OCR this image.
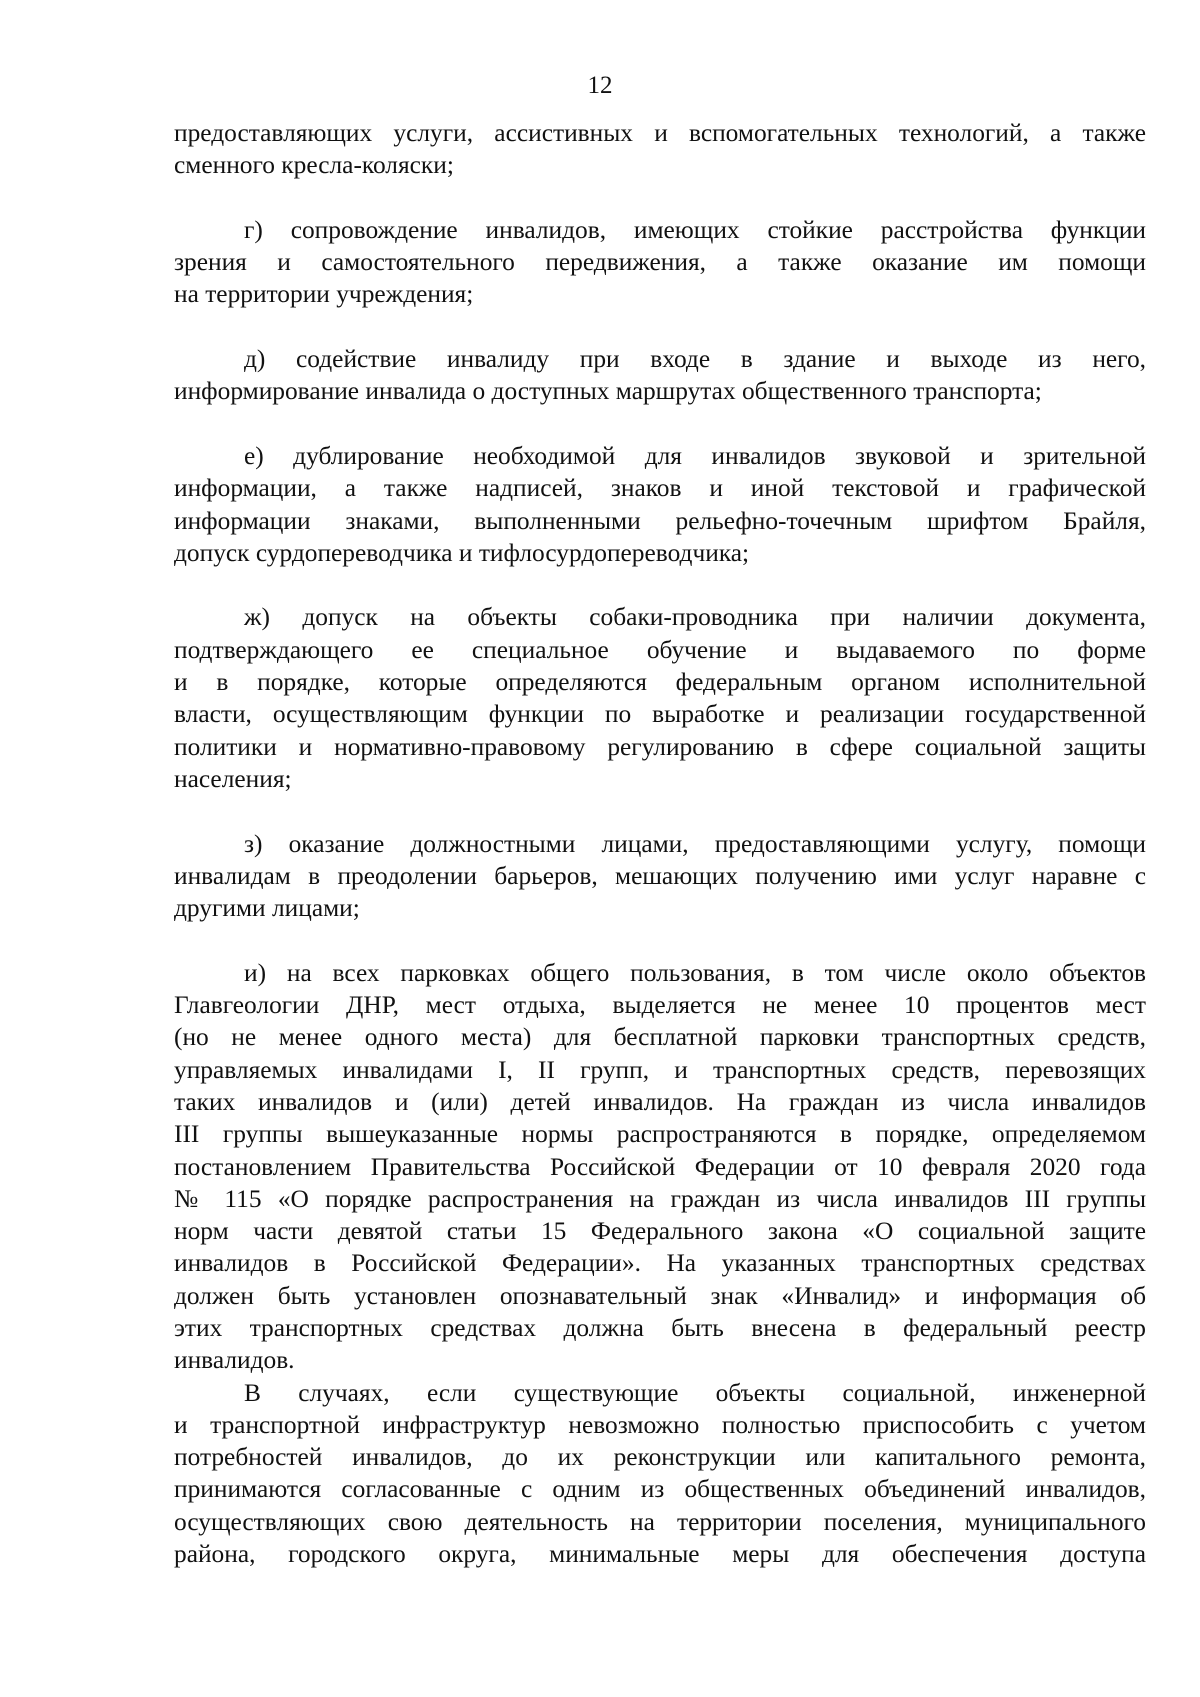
12

предоставляющих услуги, ассистивных и вспомогательных технологий, а также
сменного кресла-коляски;

г) сопровождение инвалидов, имеющих стойкие расстройства функции
зрения и самостоятельного передвижения, а также оказание им помощи
на территории учреждения;

д) содействие инвалиду при входе в здание и выходе из него,
информирование инвалида о доступных маршрутах общественного транспорта;

е) дублирование необходимой для инвалидов звуковой и зрительной
информации, а также надписей, знаков и иной текстовой и графической
информации знаками, выполненными рельефно-точечным шрифтом Брайля,
допуск сурдопереводчика и тифлосурдопереводчика;

ж) допуск на объекты собаки-проводника при наличии документа,
подтверждающего ее специальное обучение и выдаваемого по форме
и в порядке, которые определяются федеральным органом исполнительной
власти, осуществляющим функции по выработке и реализации государственной
политики и нормативно-правовому регулированию в сфере социальной защиты
населения;

з) оказание должностными лицами, предоставляющими услугу, помощи
инвалидам в преодолении барьеров, мешающих получению ими услуг наравне с
другими лицами;

и) на всех парковках общего пользования, в том числе около объектов
Главгеологии ДНР, мест отдыха, выделяется не менее 10 процентов мест
(но не менее одного места) для бесплатной парковки транспортных средств,
управляемых инвалидами I, II групп, и транспортных средств, перевозящих
таких инвалидов и (или) детей инвалидов. На граждан из числа инвалидов
III группы вышеуказанные нормы распространяются в порядке, определяемом
постановлением Правительства Российской Федерации от 10 февраля 2020 года
№ 115 «О порядке распространения на граждан из числа инвалидов III группы
норм части девятой статьи 15 Федерального закона «О социальной защите
инвалидов в Российской Федерации». На указанных транспортных средствах
должен быть установлен опознавательный знак «Инвалид» и информация об
этих транспортных средствах должна быть внесена в федеральный реестр
инвалидов.

В случаях, если существующие объекты социальной, инженерной
и транспортной инфраструктур невозможно полностью приспособить с учетом
потребностей инвалидов, до их реконструкции или капитального ремонта,
принимаются согласованные с одним из общественных объединений инвалидов,
осуществляющих свою деятельность на территории поселения, муниципального
района, городского округа, минимальные меры для обеспечения доступа
